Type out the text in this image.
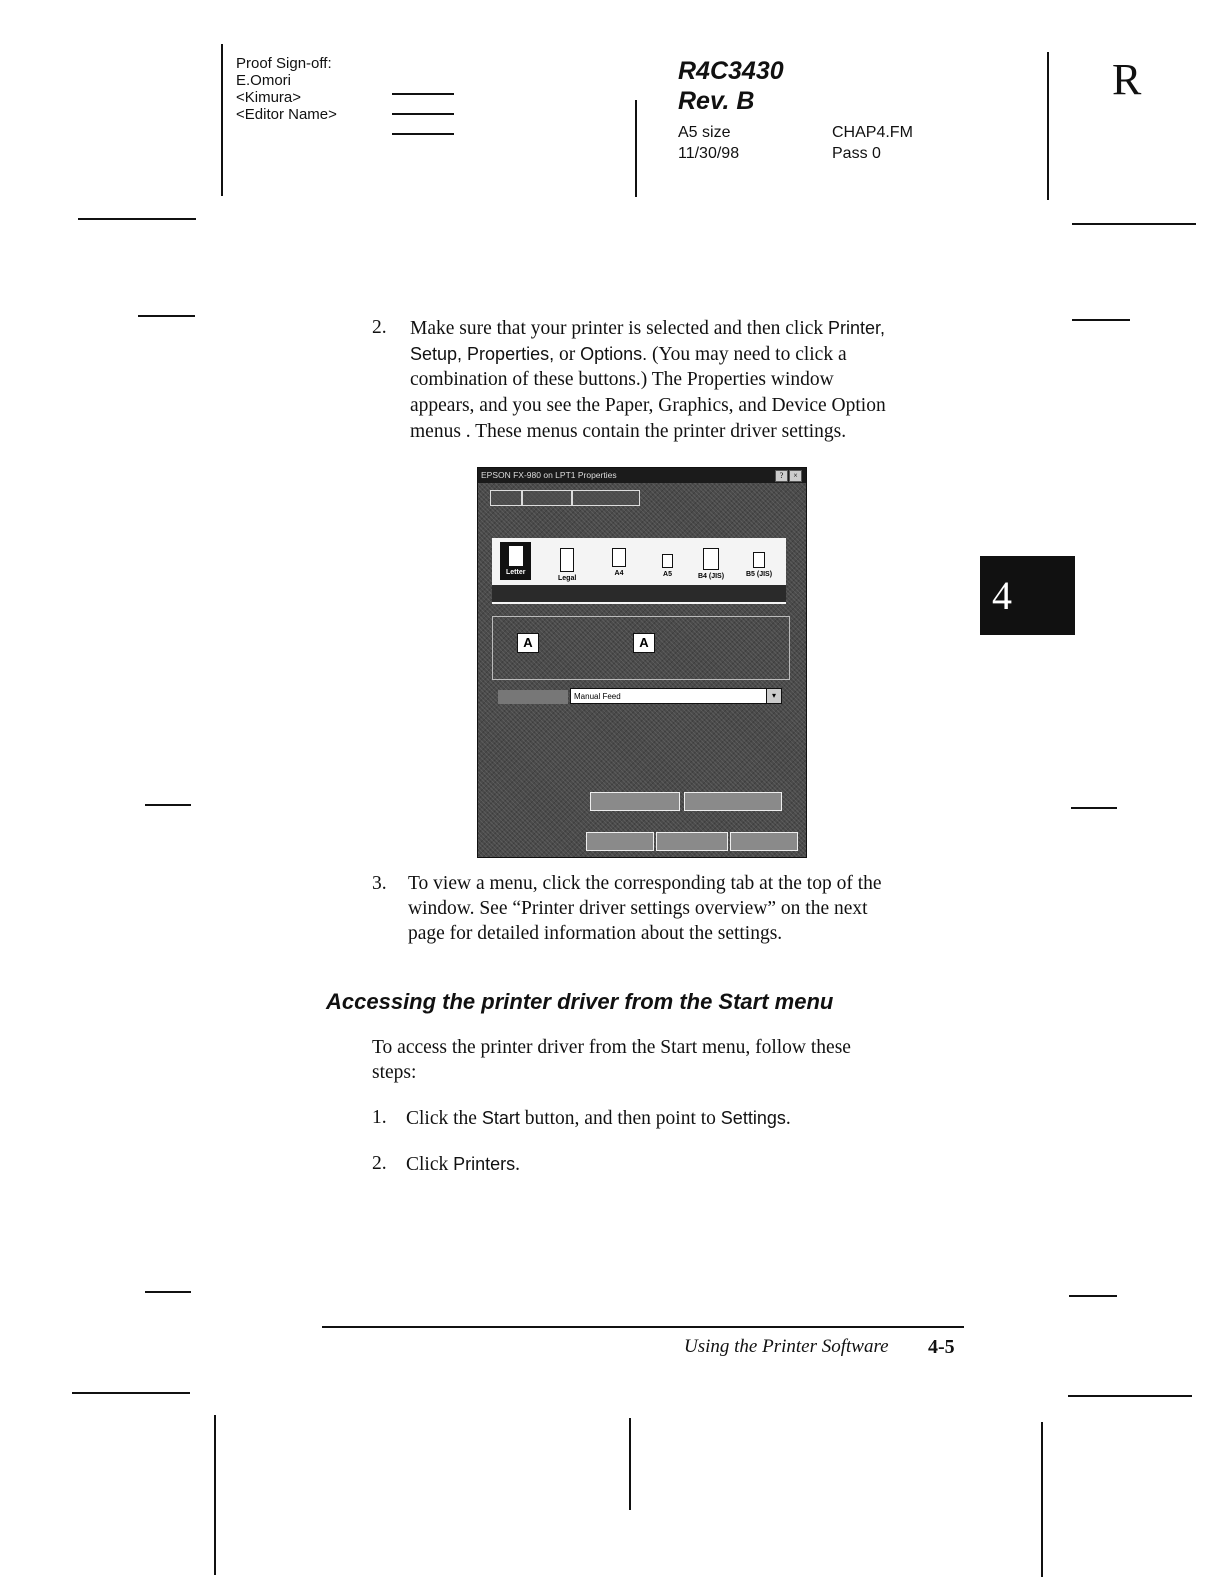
Proof Sign-off:
E.Omori
<Kimura>
<Editor Name>
R4C3430
Rev. B
A5 size
11/30/98
CHAP4.FM
Pass 0
R
4
2. Make sure that your printer is selected and then click Printer,
Setup, Properties, or Options. (You may need to click a
combination of these buttons.) The Properties window
appears, and you see the Paper, Graphics, and Device Option
menus . These menus contain the printer driver settings.
EPSON FX-980 on LPT1 Properties	?	×
Letter
Legal
A4	A5	B4 (JIS)	B5 (JIS)
A	A
Manual Feed	▾
3. To view a menu, click the corresponding tab at the top of the
window. See “Printer driver settings overview” on the next
page for detailed information about the settings.
Accessing the printer driver from the Start menu
To access the printer driver from the Start menu, follow these
steps:
1. Click the Start button, and then point to Settings.
2. Click Printers.
Using the Printer Software 4-5
